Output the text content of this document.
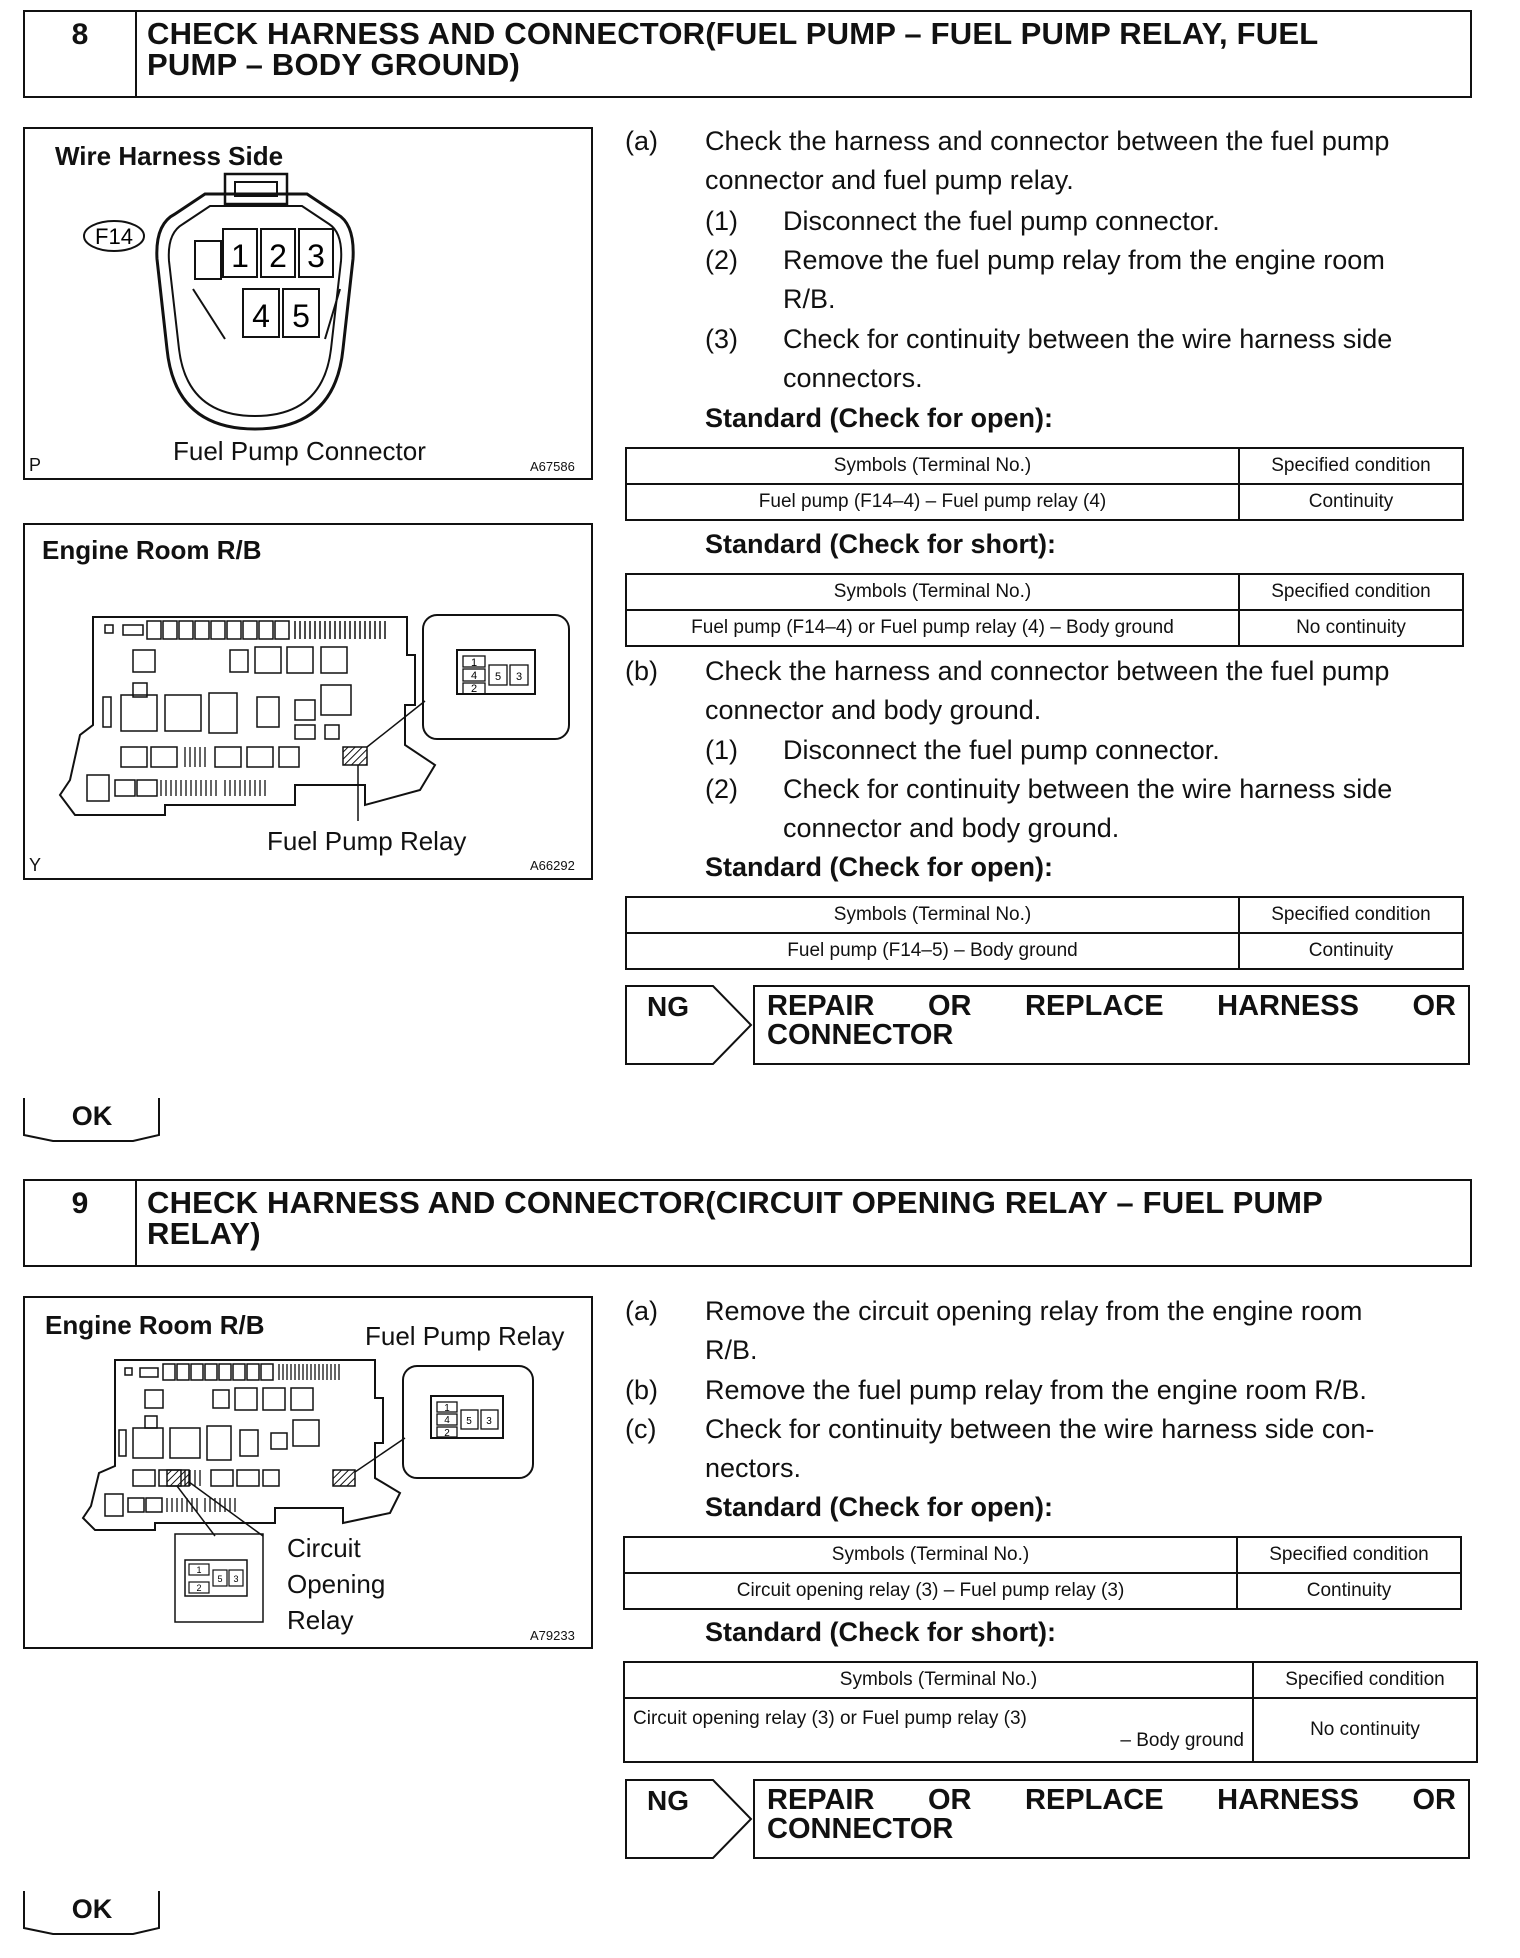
8	CHECK HARNESS AND CONNECTOR(FUEL PUMP – FUEL PUMP RELAY, FUEL
PUMP – BODY GROUND)
Wire Harness Side
F14
1 2 3
4 5
Fuel Pump Connector
P	A67586
Engine Room R/B
1
4
2
5 3
Fuel Pump Relay
Y	A66292
(a) Check the harness and connector between the fuel pump
connector and fuel pump relay.
(1) Disconnect the fuel pump connector.
(2) Remove the fuel pump relay from the engine room
R/B.
(3) Check for continuity between the wire harness side
connectors.
Standard (Check for open):
Symbols (Terminal No.)	Specified condition
Fuel pump (F14–4) – Fuel pump relay (4)	Continuity
Standard (Check for short):
Symbols (Terminal No.)	Specified condition
Fuel pump (F14–4) or Fuel pump relay (4) – Body ground	No continuity
(b) Check the harness and connector between the fuel pump
connector and body ground.
(1) Disconnect the fuel pump connector.
(2) Check for continuity between the wire harness side
connector and body ground.
Standard (Check for open):
Symbols (Terminal No.)	Specified condition
Fuel pump (F14–5) – Body ground	Continuity
NG	REPAIR OR REPLACE HARNESS OR
CONNECTOR
OK
9	CHECK HARNESS AND CONNECTOR(CIRCUIT OPENING RELAY – FUEL PUMP
RELAY)
Engine Room R/B	Fuel Pump Relay
1
4
2
5 3
1
2
5 3
Circuit
Opening
Relay
A79233
(a) Remove the circuit opening relay from the engine room
R/B.
(b) Remove the fuel pump relay from the engine room R/B.
(c) Check for continuity between the wire harness side con-
nectors.
Standard (Check for open):
Symbols (Terminal No.)	Specified condition
Circuit opening relay (3) – Fuel pump relay (3)	Continuity
Standard (Check for short):
Symbols (Terminal No.)	Specified condition

Circuit opening relay (3) or Fuel pump relay (3)
– Body ground	No continuity
NG	REPAIR OR REPLACE HARNESS OR
CONNECTOR
OK
